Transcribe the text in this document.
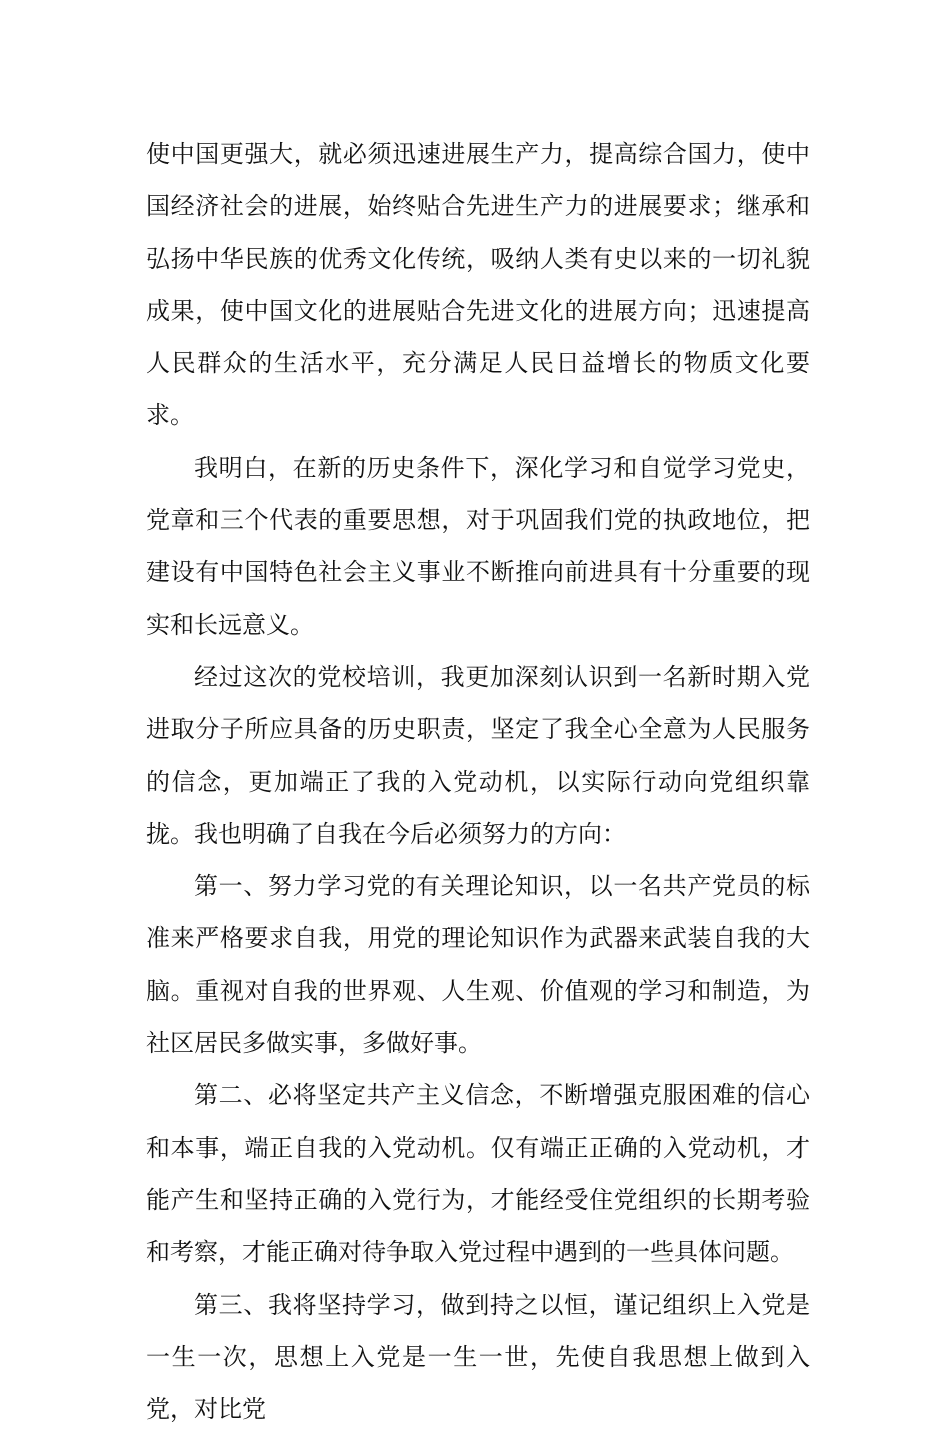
使中国更强大，就必须迅速进展生产力，提高综合国力，使中国经济社会的进展，始终贴合先进生产力的进展要求；继承和弘扬中华民族的优秀文化传统，吸纳人类有史以来的一切礼貌成果，使中国文化的进展贴合先进文化的进展方向；迅速提高人民群众的生活水平，充分满足人民日益增长的物质文化要求。

我明白，在新的历史条件下，深化学习和自觉学习党史，党章和三个代表的重要思想，对于巩固我们党的执政地位，把建设有中国特色社会主义事业不断推向前进具有十分重要的现实和长远意义。

经过这次的党校培训，我更加深刻认识到一名新时期入党进取分子所应具备的历史职责，坚定了我全心全意为人民服务的信念，更加端正了我的入党动机，以实际行动向党组织靠拢。我也明确了自我在今后必须努力的方向：

第一、努力学习党的有关理论知识，以一名共产党员的标准来严格要求自我，用党的理论知识作为武器来武装自我的大脑。重视对自我的世界观、人生观、价值观的学习和制造，为社区居民多做实事，多做好事。

第二、必将坚定共产主义信念，不断增强克服困难的信心和本事，端正自我的入党动机。仅有端正正确的入党动机，才能产生和坚持正确的入党行为，才能经受住党组织的长期考验和考察，才能正确对待争取入党过程中遇到的一些具体问题。

第三、我将坚持学习，做到持之以恒，谨记组织上入党是一生一次，思想上入党是一生一世，先使自我思想上做到入党，对比党
